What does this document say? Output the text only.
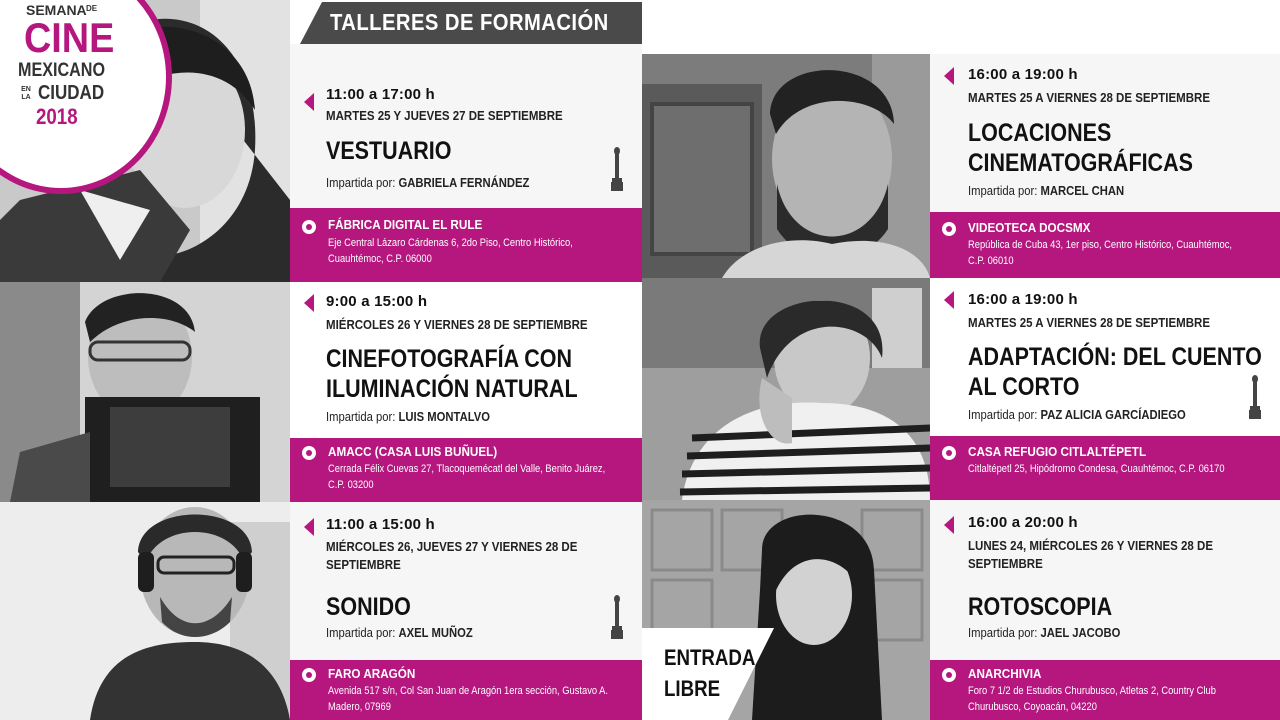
SEMANA DE
CINE
MEXICANO
EN LA CIUDAD
2018
TALLERES DE FORMACIÓN
11:00 a 17:00 h
MARTES 25 Y JUEVES 27 DE SEPTIEMBRE
VESTUARIO
Impartida por: GABRIELA FERNÁNDEZ
FÁBRICA DIGITAL EL RULE
Eje Central Lázaro Cárdenas 6, 2do Piso, Centro Histórico, Cuauhtémoc, C.P. 06000
9:00 a 15:00 h
MIÉRCOLES 26 Y VIERNES 28 DE SEPTIEMBRE
CINEFOTOGRAFÍA CON
ILUMINACIÓN NATURAL
Impartida por: LUIS MONTALVO
AMACC (CASA LUIS BUÑUEL)
Cerrada Félix Cuevas 27, Tlacoquemécatl del Valle, Benito Juárez, C.P. 03200
11:00 a 15:00 h
MIÉRCOLES 26, JUEVES 27 Y VIERNES 28 DE SEPTIEMBRE
SONIDO
Impartida por: AXEL MUÑOZ
FARO ARAGÓN
Avenida 517 s/n, Col San Juan de Aragón 1era sección, Gustavo A. Madero, 07969
16:00 a 19:00 h
MARTES 25 A VIERNES 28 DE SEPTIEMBRE
LOCACIONES
CINEMATOGRÁFICAS
Impartida por: MARCEL CHAN
VIDEOTECA DOCSMX
República de Cuba 43, 1er piso, Centro Histórico, Cuauhtémoc, C.P. 06010
16:00 a 19:00 h
MARTES 25 A VIERNES 28 DE SEPTIEMBRE
ADAPTACIÓN: DEL CUENTO
AL CORTO
Impartida por: PAZ ALICIA GARCÍADIEGO
CASA REFUGIO CITLALTÉPETL
Citlaltépetl 25, Hipódromo Condesa, Cuauhtémoc, C.P. 06170
16:00 a 20:00 h
LUNES 24, MIÉRCOLES 26 Y VIERNES 28 DE SEPTIEMBRE
ROTOSCOPIA
Impartida por: JAEL JACOBO
ANARCHIVIA
Foro 7 1/2 de Estudios Churubusco, Atletas 2, Country Club Churubusco, Coyoacán, 04220
ENTRADA
LIBRE
